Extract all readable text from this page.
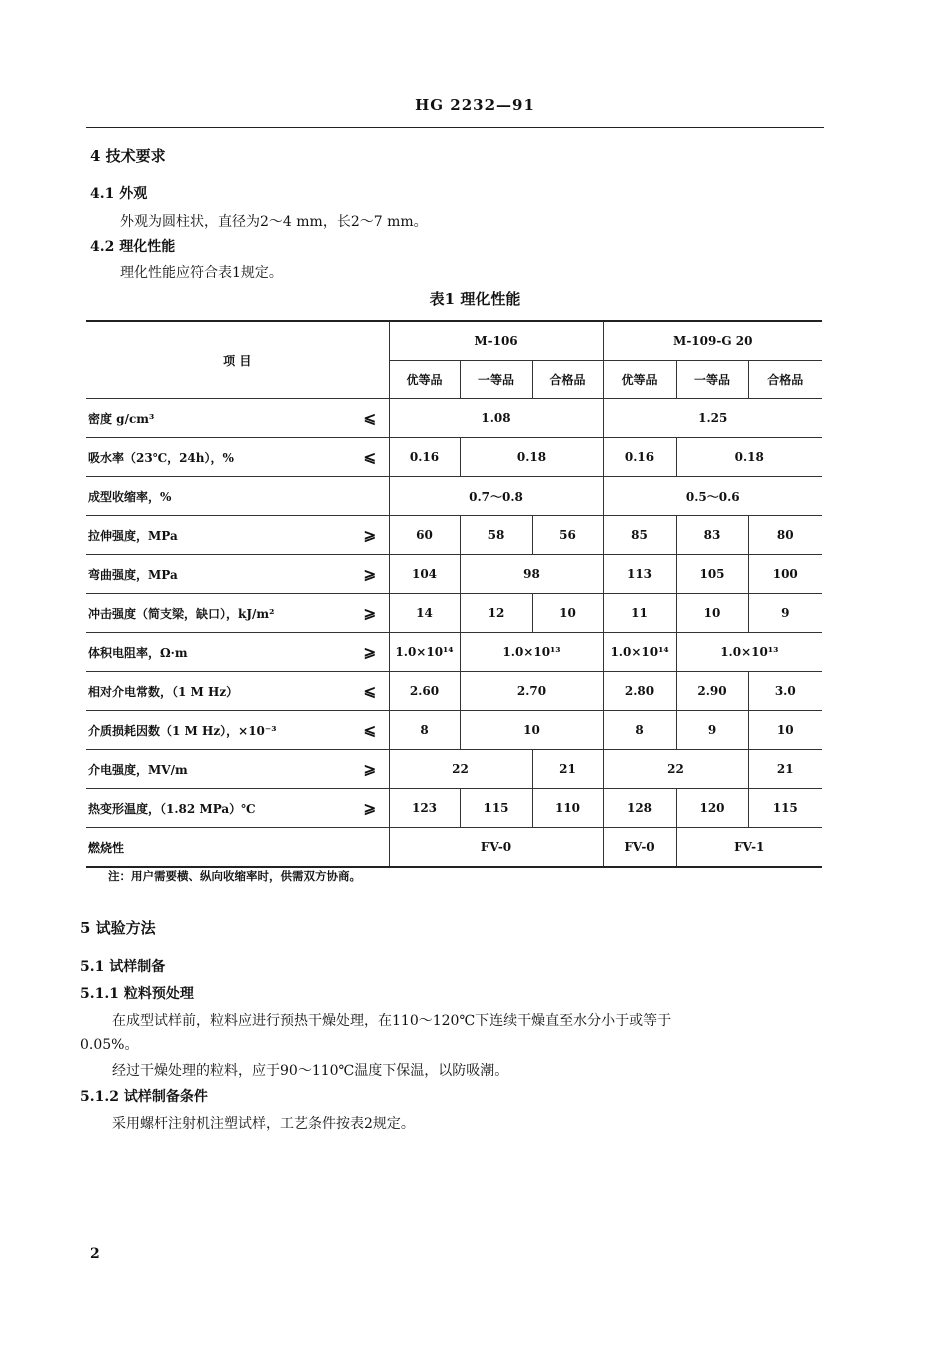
HG 2232—91
4 技术要求
4.1 外观
外观为圆柱状，直径为2～4 mm，长2～7 mm。
4.2 理化性能
理化性能应符合表1规定。
表1 理化性能
项 目		M-106			M-109-G 20		
		优等品	一等品	合格品	优等品	一等品	合格品
密度 g/cm³	⩽	1.08			1.25		
吸水率（23℃，24h），%	⩽	0.16	0.18		0.16	0.18	
成型收缩率，%		0.7～0.8			0.5～0.6		
拉伸强度，MPa	⩾	60	58	56	85	83	80
弯曲强度，MPa	⩾	104	98		113	105	100
冲击强度（简支梁，缺口），kJ/m²	⩾	14	12	10	11	10	9
体积电阻率，Ω·m	⩾	1.0×10¹⁴	1.0×10¹³		1.0×10¹⁴	1.0×10¹³	
相对介电常数，（1 M Hz）	⩽	2.60	2.70		2.80	2.90	3.0
介质损耗因数（1 M Hz），×10⁻³	⩽	8	10		8	9	10
介电强度，MV/m	⩾	22		21	22		21
热变形温度，（1.82 MPa）℃	⩾	123	115	110	128	120	115
燃烧性		FV-0			FV-0	FV-1	
注：用户需要横、纵向收缩率时，供需双方协商。
5 试验方法
5.1 试样制备
5.1.1 粒料预处理
在成型试样前，粒料应进行预热干燥处理，在110～120℃下连续干燥直至水分小于或等于
0.05%。
经过干燥处理的粒料，应于90～110℃温度下保温，以防吸潮。
5.1.2 试样制备条件
采用螺杆注射机注塑试样，工艺条件按表2规定。
2
